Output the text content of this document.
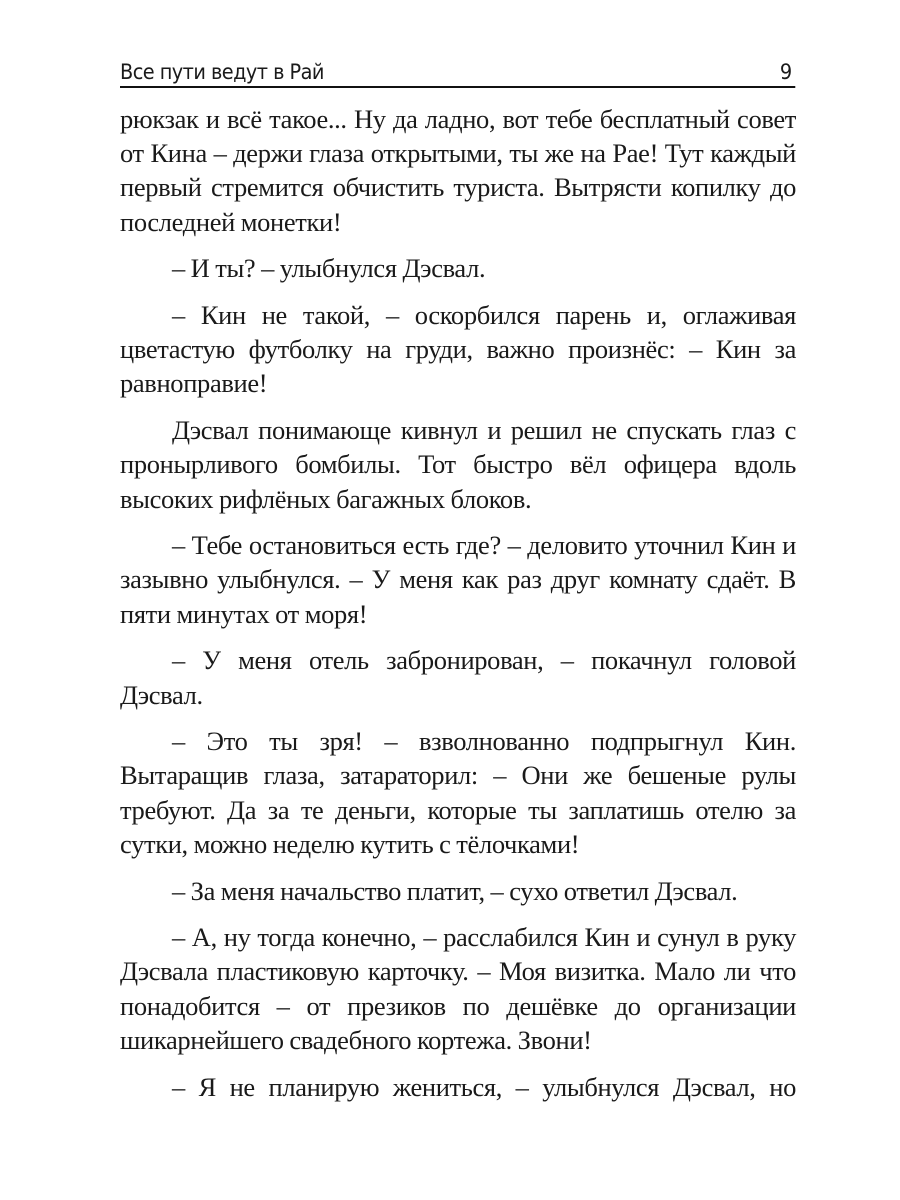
Все пути ведут в Рай	9

рюкзак и всё такое... Ну да ладно, вот тебе бесплатный совет от Кина – держи глаза открытыми, ты же на Рае! Тут каждый первый стремится обчистить туриста. Вытрясти копилку до последней монетки!

– И ты? – улыбнулся Дэсвал.

– Кин не такой, – оскорбился парень и, оглаживая цветастую футболку на груди, важно произнёс: – Кин за равноправие!

Дэсвал понимающе кивнул и решил не спускать глаз с пронырливого бомбилы. Тот быстро вёл офицера вдоль высоких рифлёных багажных блоков.

– Тебе остановиться есть где? – деловито уточнил Кин и зазывно улыбнулся. – У меня как раз друг комнату сдаёт. В пяти минутах от моря!

– У меня отель забронирован, – покачнул головой Дэсвал.

– Это ты зря! – взволнованно подпрыгнул Кин. Вытаращив глаза, затараторил: – Они же бешеные рулы требуют. Да за те деньги, которые ты заплатишь отелю за сутки, можно неделю кутить с тёлочками!

– За меня начальство платит, – сухо ответил Дэсвал.

– А, ну тогда конечно, – расслабился Кин и сунул в руку Дэсвала пластиковую карточку. – Моя визитка. Мало ли что понадобится – от презиков по дешёвке до организации шикарнейшего свадебного кортежа. Звони!

– Я не планирую жениться, – улыбнулся Дэсвал, но
